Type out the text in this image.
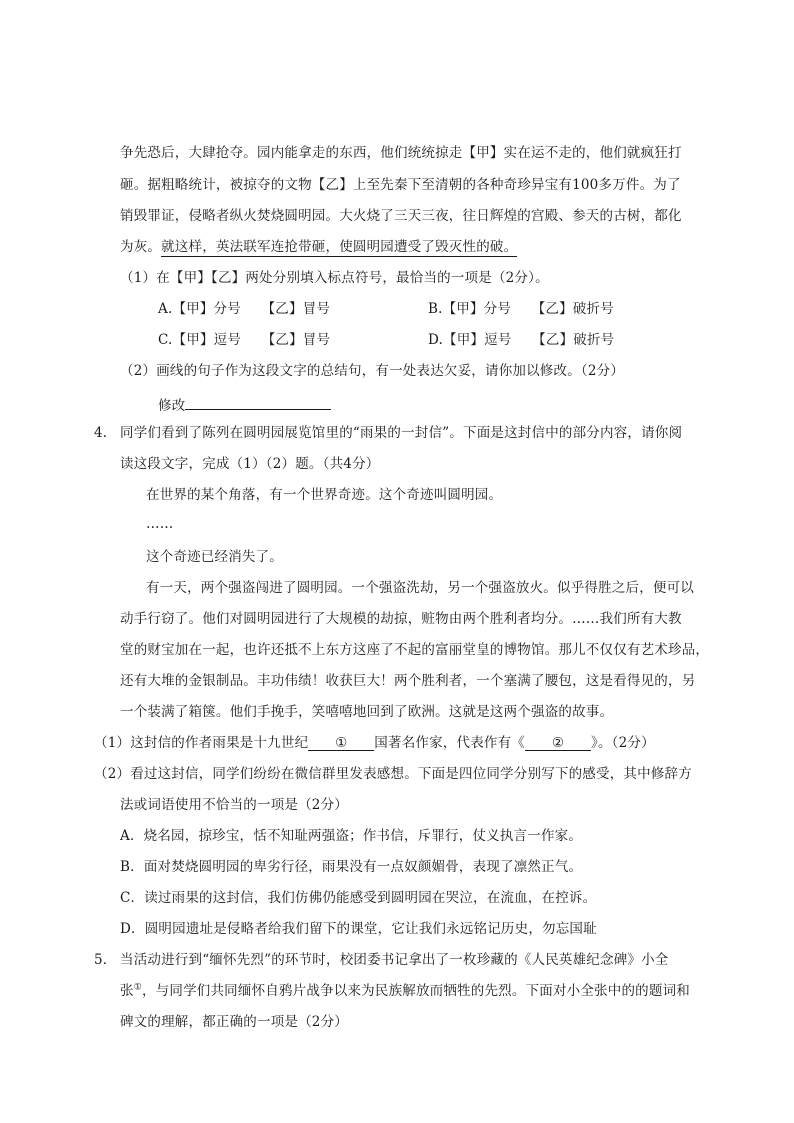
争先恐后，大肆抢夺。园内能拿走的东西，他们统统掠走【甲】实在运不走的，他们就疯狂打
砸。据粗略统计，被掠夺的文物【乙】上至先秦下至清朝的各种奇珍异宝有100多万件。为了
销毁罪证，侵略者纵火焚烧圆明园。大火烧了三天三夜，往日辉煌的宫殿、参天的古树，都化
为灰。就这样，英法联军连抢带砸，使圆明园遭受了毁灭性的破。
（1）在【甲】【乙】两处分别填入标点符号，最恰当的一项是（2分）。
A.【甲】分号　　【乙】冒号	B.【甲】分号　　【乙】破折号
C.【甲】逗号　　【乙】冒号	D.【甲】逗号　　【乙】破折号
（2）画线的句子作为这段文字的总结句，有一处表达欠妥，请你加以修改。（2分）
修改
4. 同学们看到了陈列在圆明园展览馆里的“雨果的一封信”。下面是这封信中的部分内容，请你阅
读这段文字，完成（1）（2）题。（共4分）
在世界的某个角落，有一个世界奇迹。这个奇迹叫圆明园。
……
这个奇迹已经消失了。
有一天，两个强盗闯进了圆明园。一个强盗洗劫，另一个强盗放火。似乎得胜之后，便可以
动手行窃了。他们对圆明园进行了大规模的劫掠，赃物由两个胜利者均分。……我们所有大教
堂的财宝加在一起，也许还抵不上东方这座了不起的富丽堂皇的博物馆。那儿不仅仅有艺术珍品，
还有大堆的金银制品。丰功伟绩！收获巨大！两个胜利者，一个塞满了腰包，这是看得见的，另
一个装满了箱箧。他们手挽手，笑嘻嘻地回到了欧洲。这就是这两个强盗的故事。
（1）这封信的作者雨果是十九世纪 ① 国著名作家，代表作有《 ② 》。（2分）
（2）看过这封信，同学们纷纷在微信群里发表感想。下面是四位同学分别写下的感受，其中修辞方
法或词语使用不恰当的一项是（2分）
A．烧名园，掠珍宝，恬不知耻两强盗；作书信，斥罪行，仗义执言一作家。
B．面对焚烧圆明园的卑劣行径，雨果没有一点奴颜媚骨，表现了凛然正气。
C．读过雨果的这封信，我们仿佛仍能感受到圆明园在哭泣，在流血，在控诉。
D．圆明园遗址是侵略者给我们留下的课堂，它让我们永远铭记历史，勿忘国耻
5． 当活动进行到“缅怀先烈”的环节时，校团委书记拿出了一枚珍藏的《人民英雄纪念碑》小全
张①，与同学们共同缅怀自鸦片战争以来为民族解放而牺牲的先烈。下面对小全张中的的题词和
碑文的理解，都正确的一项是（2分）
